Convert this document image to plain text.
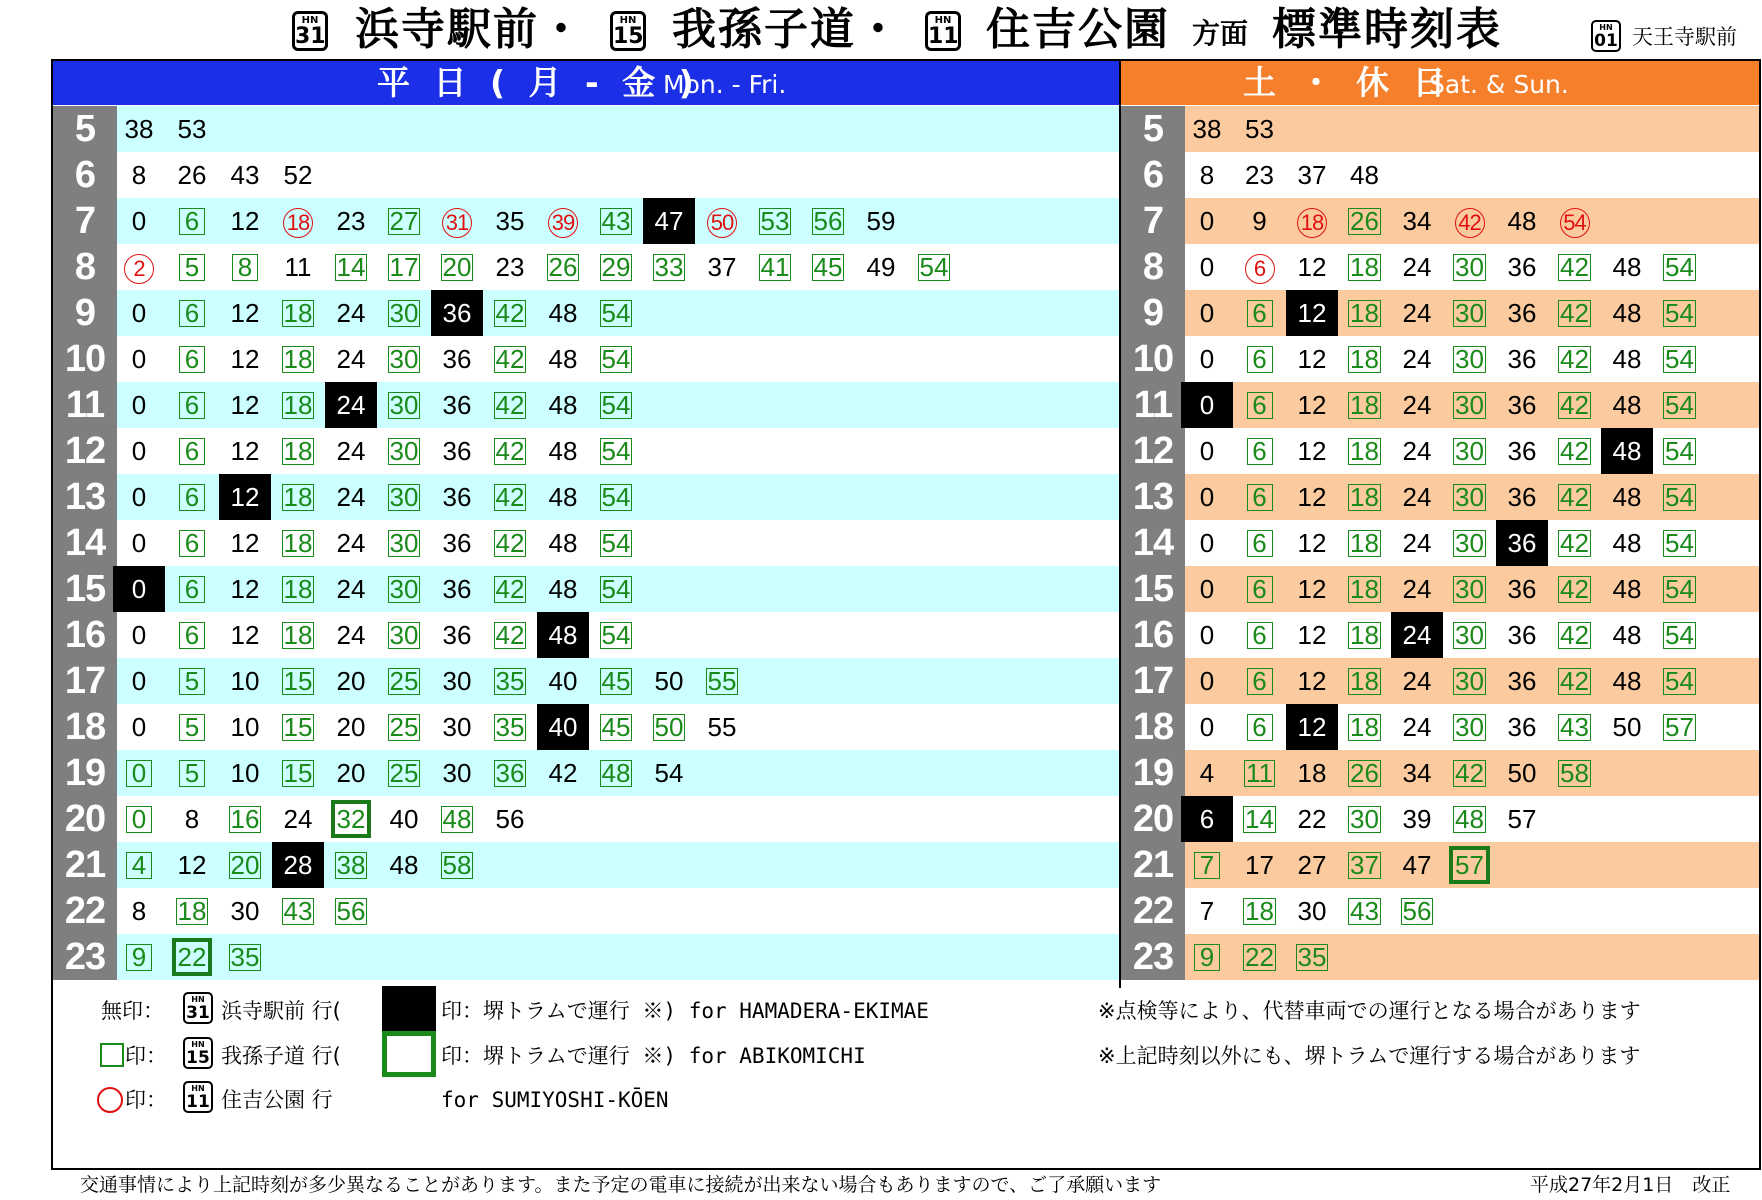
HN
31 浜寺駅前・	HN
15 我孫子道・	HN
11 住吉公園 方面 標準時刻表	HN
01 天王寺駅前
平 日 ( 月 - 金 )
Mon. - Fri.
5	38 53
6	8	26 43 52
7	0	6	12	18	23 27	31	35	39	43 47	50	53 56 59
8	2	5	8	11 14 17 20 23 26 29 33 37 41 45 49 54
9	0	6	12 18 24 30 36 42 48 54
10	0	6	12 18 24 30 36 42 48 54
11	0	6	12 18 24 30 36 42 48 54
12	0	6	12 18 24 30 36 42 48 54
13	0	6	12 18 24 30 36 42 48 54
14	0	6	12 18 24 30 36 42 48 54
15	0	6	12 18 24 30 36 42 48 54
16	0	6	12 18 24 30 36 42 48 54
17	0	5	10 15 20 25 30 35 40 45 50 55
18	0	5	10 15 20 25 30 35 40 45 50 55
19	0	5	10 15 20 25 30 36 42 48 54
20	0	8	16 24 32 40 48 56
21	4	12 20 28 38 48 58
22	8	18 30 43 56
23	9	22 35
土 ・ 休 日
Sat. & Sun.
5	38 53
6	8	23 37 48
7	0	9	18	26 34	42	48	54
8	0	6	12 18 24 30 36 42 48 54
9	0	6	12 18 24 30 36 42 48 54
10	0	6	12 18 24 30 36 42 48 54
11	0	6	12 18 24 30 36 42 48 54
12	0	6	12 18 24 30 36 42 48 54
13	0	6	12 18 24 30 36 42 48 54
14	0	6	12 18 24 30 36 42 48 54
15	0	6	12 18 24 30 36 42 48 54
16	0	6	12 18 24 30 36 42 48 54
17	0	6	12 18 24 30 36 42 48 54
18	0	6	12 18 24 30 36 43 50 57
19	4	11 18 26 34 42 50 58
20	6	14 22 30 39 48 57
21	7	17 27 37 47 57
22	7	18 30 43 56
23	9	22 35
無印：	HN
31 浜寺駅前 行(	印：堺トラムで運行 ※) for HAMADERA-EKIMAE
印：	HN
15 我孫子道 行(	印：堺トラムで運行 ※) for ABIKOMICHI
印：	HN
11 住吉公園 行	for SUMIYOSHI-KŌEN
※点検等により、代替車両での運行となる場合があります
※上記時刻以外にも、堺トラムで運行する場合があります
交通事情により上記時刻が多少異なることがあります。また予定の電車に接続が出来ない場合もありますので、ご了承願います	平成27年2月1日　改正
